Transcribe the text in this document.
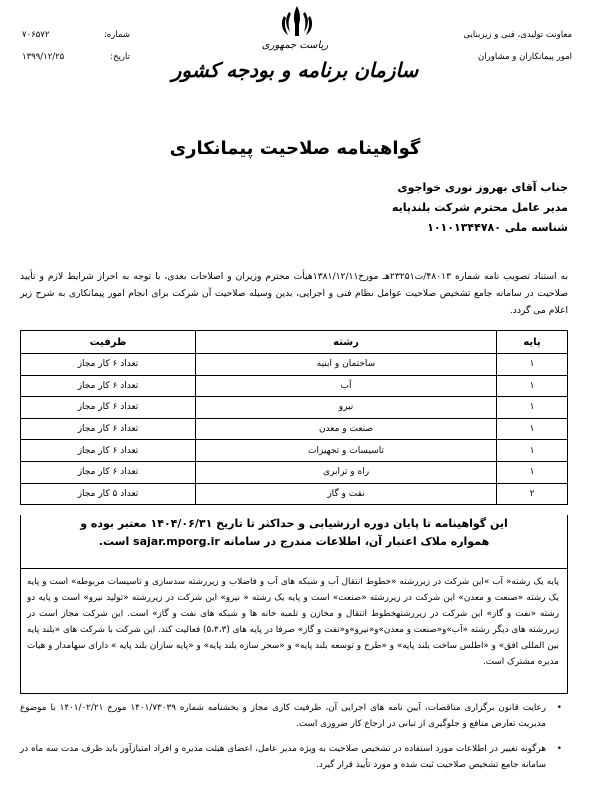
معاونت تولیدی، فنی و زیربنایی
امور پیمانکاران و مشاوران
ریاست جمهوری
سازمان برنامه و بودجه کشور
شماره:
۷۰۶۵۷۲
تاریخ:
۱۳۹۹/۱۲/۲۵
گواهینامه صلاحیت پیمانکاری
جناب آقای بهروز نوری خواجوی
مدیر عامل محترم شرکت بلندپایه
شناسه ملی ۱۰۱۰۱۳۴۴۷۸۰
به استناد تصویب نامه شماره ۴۸۰۱۳/ت۲۳۲۵۱هـ مورخ۱۳۸۱/۱۲/۱۱هیأت محترم وزیران و اصلاحات بعدی، با توجه به احراز شرایط لازم و تأیید صلاحیت در سامانه جامع تشخیص صلاحیت عوامل نظام فنی و اجرایی، بدین وسیله صلاحیت آن شرکت برای انجام امور پیمانکاری به شرح زیر اعلام می گردد.
پایه	رشته	ظرفیت
۱	ساختمان و ابنیه	تعداد ۶ کار مجاز
۱	آب	تعداد ۶ کار مجاز
۱	نیرو	تعداد ۶ کار مجاز
۱	صنعت و معدن	تعداد ۶ کار مجاز
۱	تاسیسات و تجهیزات	تعداد ۶ کار مجاز
۱	راه و ترابری	تعداد ۶ کار مجاز
۲	نفت و گاز	تعداد ۵ کار مجاز
این گواهینامه تا پایان دوره ارزشیابی و حداکثر تا تاریخ ۱۴۰۴/۰۶/۳۱ معتبر بوده و
همواره ملاک اعتبار آن، اطلاعات مندرج در سامانه sajar.mporg.ir است.
پایه یک رشته« آب »این شرکت در زیررشته «خطوط انتقال آب و شبکه های آب و فاضلاب و زیررشته سدسازی و تاسیسات مربوطه» است و پایه یک رشته «صنعت و معدن» این شرکت در زیررشته «صنعت» است و پایه یک رشته « نیرو» این شرکت در زیررشته «تولید نیرو» است و پایه دو رشته «نفت و گاز» این شرکت در زیررشتهخطوط انتقال و مخازن و تلمبه خانه ها و شبکه های نفت و گاز» است. این شرکت مجاز است در زیررشته های دیگر رشته «آب»و«صنعت و معدن»و«نیرو»و«نفت و گاز» صرفا در پایه های (۵،۴،۳) فعالیت کند. این شرکت با شرکت های «بلند پایه بین المللی افق» و «اطلس ساخت بلند پایه» و «طرح و توسعه بلند پایه» و «سحر سازه بلند پایه» و «پایه سازان بلند پایه » دارای سهامدار و هیات مدیره مشترک است.
•
رعایت قانون برگزاری مناقصات، آیین نامه های اجرایی آن، ظرفیت کاری مجاز و بخشنامه شماره ۱۴۰۱/۷۳۰۳۹ مورخ ۱۴۰۱/۰۲/۲۱ با موضوع مدیریت تعارض منافع و جلوگیری از تبانی در ارجاع کار ضروری است.
•
هرگونه تغییر در اطلاعات مورد استفاده در تشخیص صلاحیت به ویژه مدیر عامل، اعضای هیئت مدیره و افراد امتیازآور باید ظرف مدت سه ماه در سامانه جامع تشخیص صلاحیت ثبت شده و مورد تأیید قرار گیرد.
